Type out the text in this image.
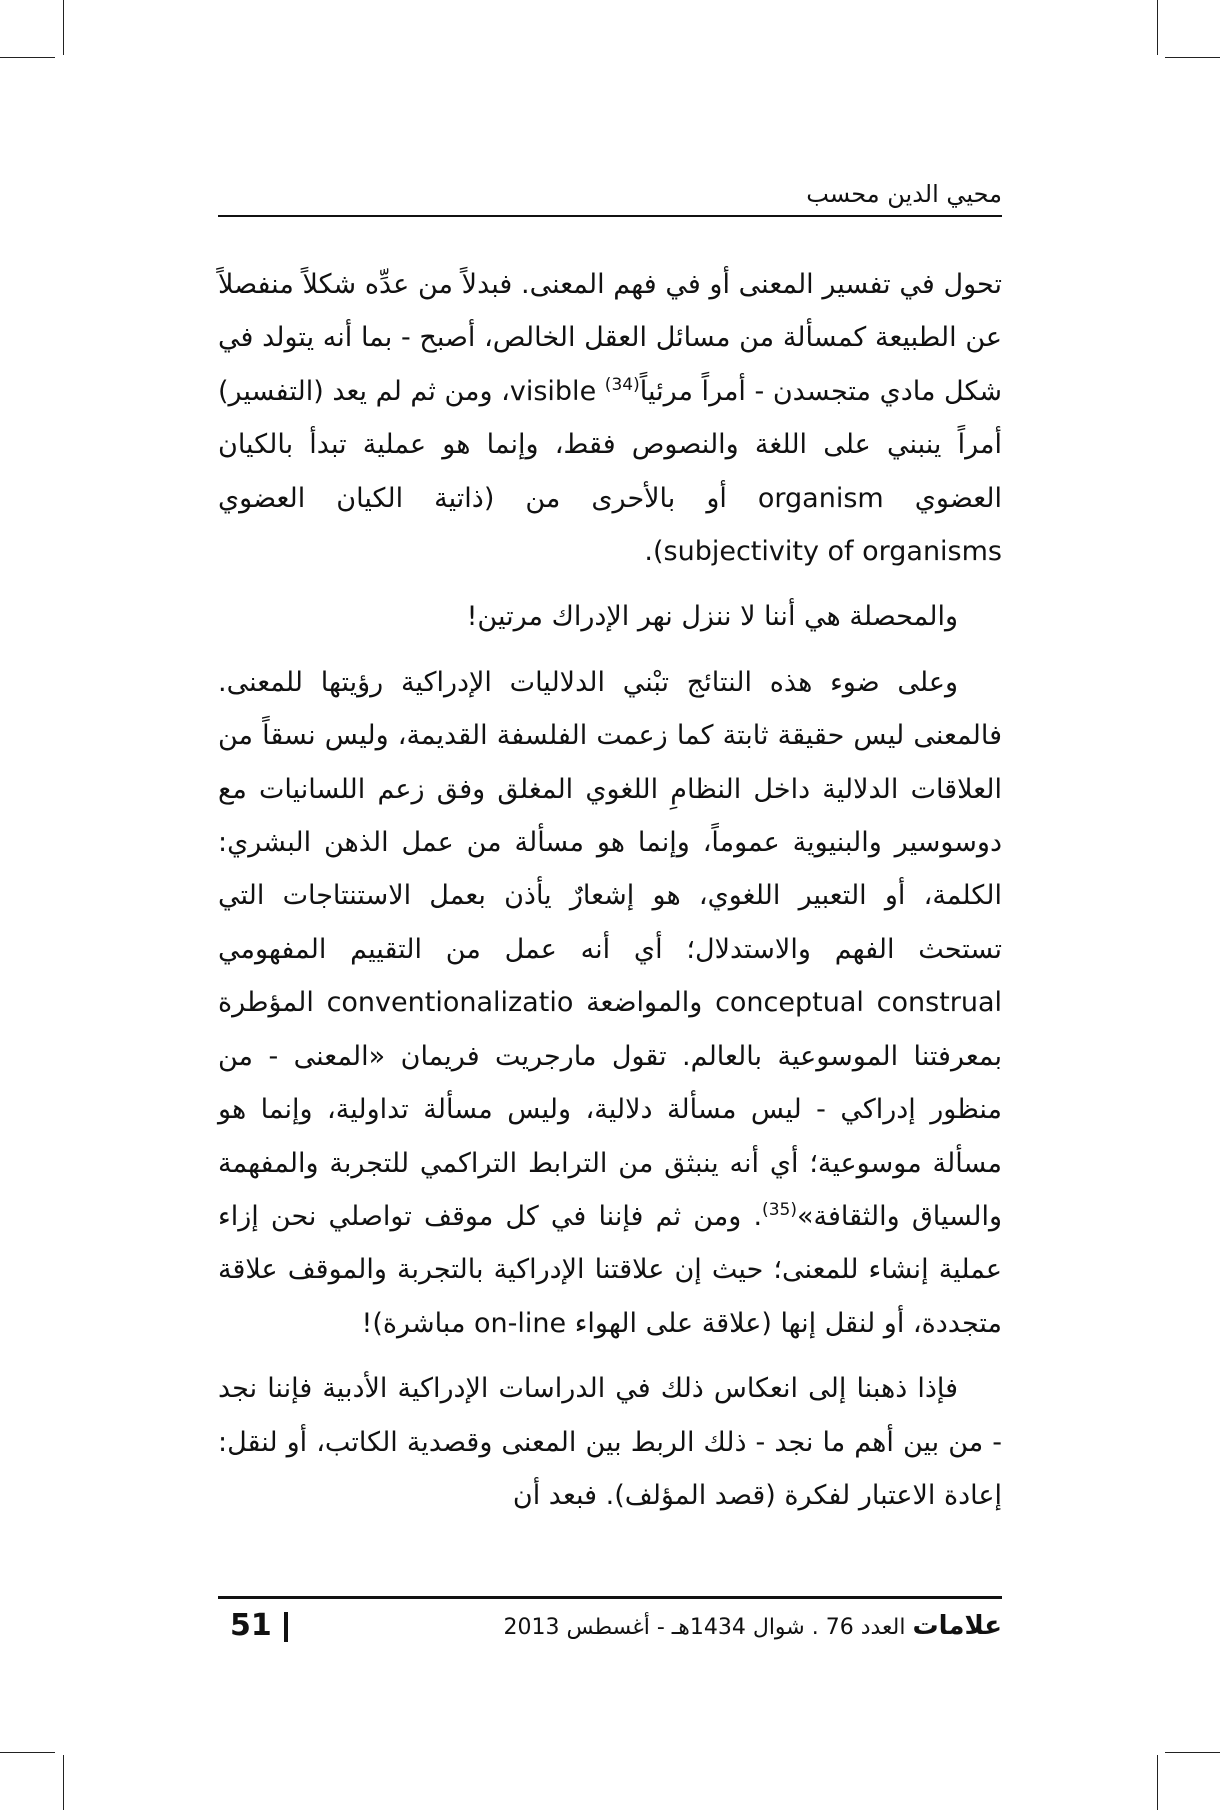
محيي الدين محسب

تحول في تفسير المعنى أو في فهم المعنى. فبدلاً من عدِّه شكلاً منفصلاً عن الطبيعة كمسألة من مسائل العقل الخالص، أصبح - بما أنه يتولد في شكل مادي متجسدن - أمراً مرئياً$^{(34)}$ visible، ومن ثم لم يعد (التفسير) أمراً ينبني على اللغة والنصوص فقط، وإنما هو عملية تبدأ بالكيان العضوي organism أو بالأحرى من (ذاتية الكيان العضوي subjectivity of organisms).

والمحصلة هي أننا لا ننزل نهر الإدراك مرتين!

وعلى ضوء هذه النتائج تبْني الدلاليات الإدراكية رؤيتها للمعنى. فالمعنى ليس حقيقة ثابتة كما زعمت الفلسفة القديمة، وليس نسقاً من العلاقات الدلالية داخل النظامِ اللغوي المغلق وفق زعم اللسانيات مع دوسوسير والبنيوية عموماً، وإنما هو مسألة من عمل الذهن البشري: الكلمة، أو التعبير اللغوي، هو إشعارٌ يأذن بعمل الاستنتاجات التي تستحث الفهم والاستدلال؛ أي أنه عمل من التقييم المفهومي conceptual construal والمواضعة conventionalizatio المؤطرة بمعرفتنا الموسوعية بالعالم. تقول مارجريت فريمان «المعنى - من منظور إدراكي - ليس مسألة دلالية، وليس مسألة تداولية، وإنما هو مسألة موسوعية؛ أي أنه ينبثق من الترابط التراكمي للتجربة والمفهمة والسياق والثقافة»$^{(35)}$. ومن ثم فإننا في كل موقف تواصلي نحن إزاء عملية إنشاء للمعنى؛ حيث إن علاقتنا الإدراكية بالتجربة والموقف علاقة متجددة، أو لنقل إنها (علاقة على الهواء on-line مباشرة)!

فإذا ذهبنا إلى انعكاس ذلك في الدراسات الإدراكية الأدبية فإننا نجد - من بين أهم ما نجد - ذلك الربط بين المعنى وقصدية الكاتب، أو لنقل: إعادة الاعتبار لفكرة (قصد المؤلف). فبعد أن

51	علامات العدد 76 . شوال 1434هـ - أغسطس 2013
